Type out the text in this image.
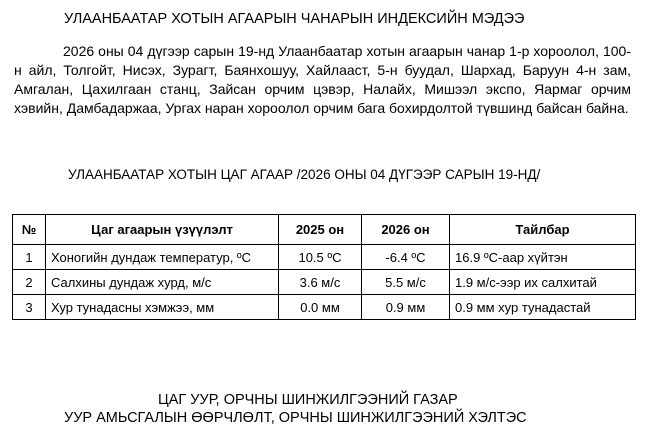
УЛААНБААТАР ХОТЫН АГААРЫН ЧАНАРЫН ИНДЕКСИЙН МЭДЭЭ
2026 оны 04 дүгээр сарын 19-нд Улаанбаатар хотын агаарын чанар 1-р хороолол, 100-н айл, Толгойт, Нисэх, Зурагт, Баянхошуу, Хайлааст, 5-н буудал, Шархад, Баруун 4-н зам, Амгалан, Цахилгаан станц, Зайсан орчим цэвэр, Налайх, Мишээл экспо, Яармаг орчим хэвийн, Дамбадаржаа, Ургах наран хороолол орчим бага бохирдолтой түвшинд байсан байна.
УЛААНБААТАР ХОТЫН ЦАГ АГААР /2026 ОНЫ 04 ДҮГЭЭР САРЫН 19-НД/
№	Цаг агаарын үзүүлэлт	2025 он	2026 он	Тайлбар
1	Хоногийн дундаж температур, ºC	10.5 ºC	-6.4 ºC	16.9 ºC-аар хүйтэн
2	Салхины дундаж хурд, м/с	3.6 м/с	5.5 м/с	1.9 м/с-ээр их салхитай
3	Хур тунадасны хэмжээ, мм	0.0 мм	0.9 мм	0.9 мм хур тунадастай
ЦАГ УУР, ОРЧНЫ ШИНЖИЛГЭЭНИЙ ГАЗАР
УУР АМЬСГАЛЫН ӨӨРЧЛӨЛТ, ОРЧНЫ ШИНЖИЛГЭЭНИЙ ХЭЛТЭС
